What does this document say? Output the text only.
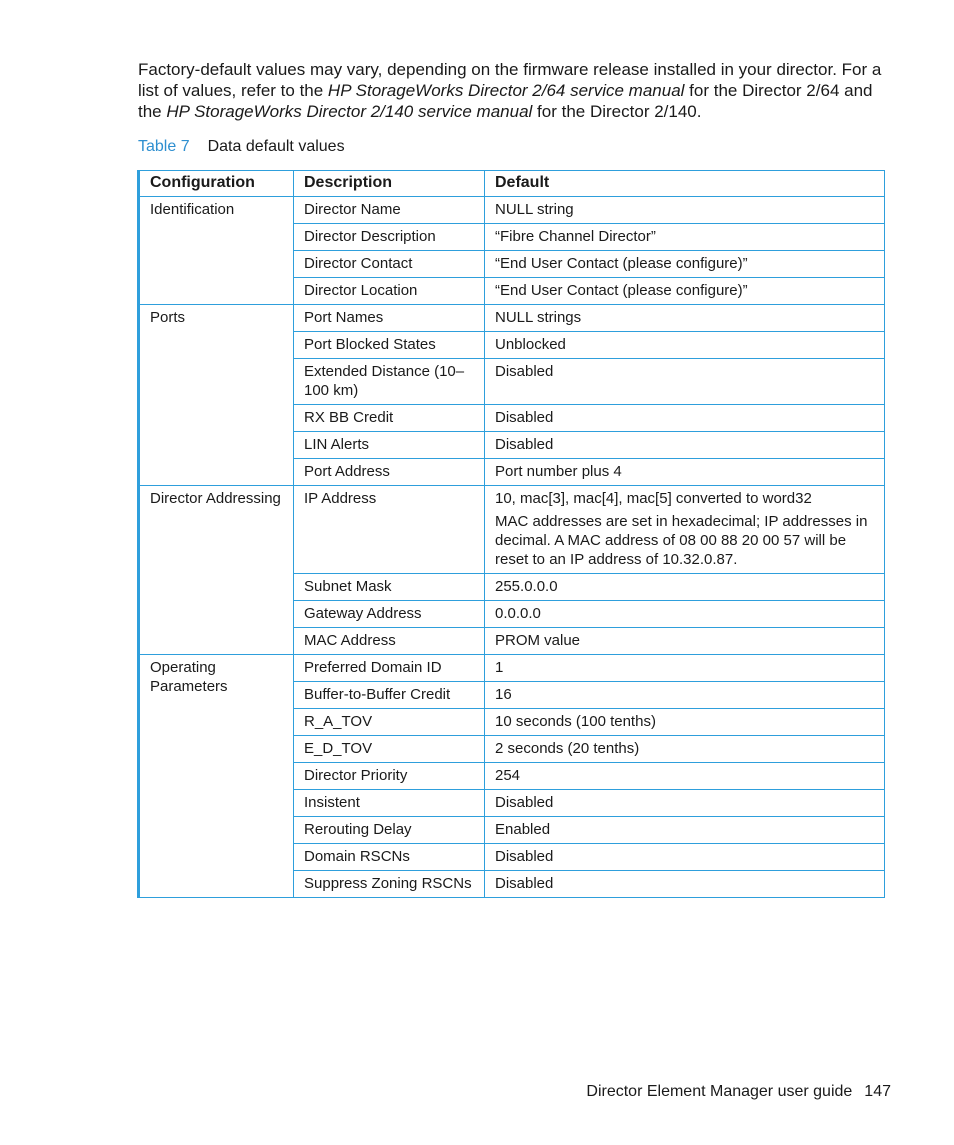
Factory-default values may vary, depending on the firmware release installed in your director. For a list of values, refer to the HP StorageWorks Director 2/64 service manual for the Director 2/64 and the HP StorageWorks Director 2/140 service manual for the Director 2/140.

Table 7 Data default values
Configuration	Description	Default
Identification	Director Name	NULL string
	Director Description	“Fibre Channel Director”
	Director Contact	“End User Contact (please configure)”
	Director Location	“End User Contact (please configure)”
Ports	Port Names	NULL strings
	Port Blocked States	Unblocked
	Extended Distance (10–100 km)	Disabled
	RX BB Credit	Disabled
	LIN Alerts	Disabled
	Port Address	Port number plus 4
Director Addressing	IP Address	10, mac[3], mac[4], mac[5] converted to word32
MAC addresses are set in hexadecimal; IP addresses in decimal. A MAC address of 08 00 88 20 00 57 will be reset to an IP address of 10.32.0.87.

	Subnet Mask	255.0.0.0
	Gateway Address	0.0.0.0
	MAC Address	PROM value
Operating Parameters	Preferred Domain ID	1
	Buffer-to-Buffer Credit	16
	R_A_TOV	10 seconds (100 tenths)
	E_D_TOV	2 seconds (20 tenths)
	Director Priority	254
	Insistent	Disabled
	Rerouting Delay	Enabled
	Domain RSCNs	Disabled
	Suppress Zoning RSCNs	Disabled
Director Element Manager user guide 147
